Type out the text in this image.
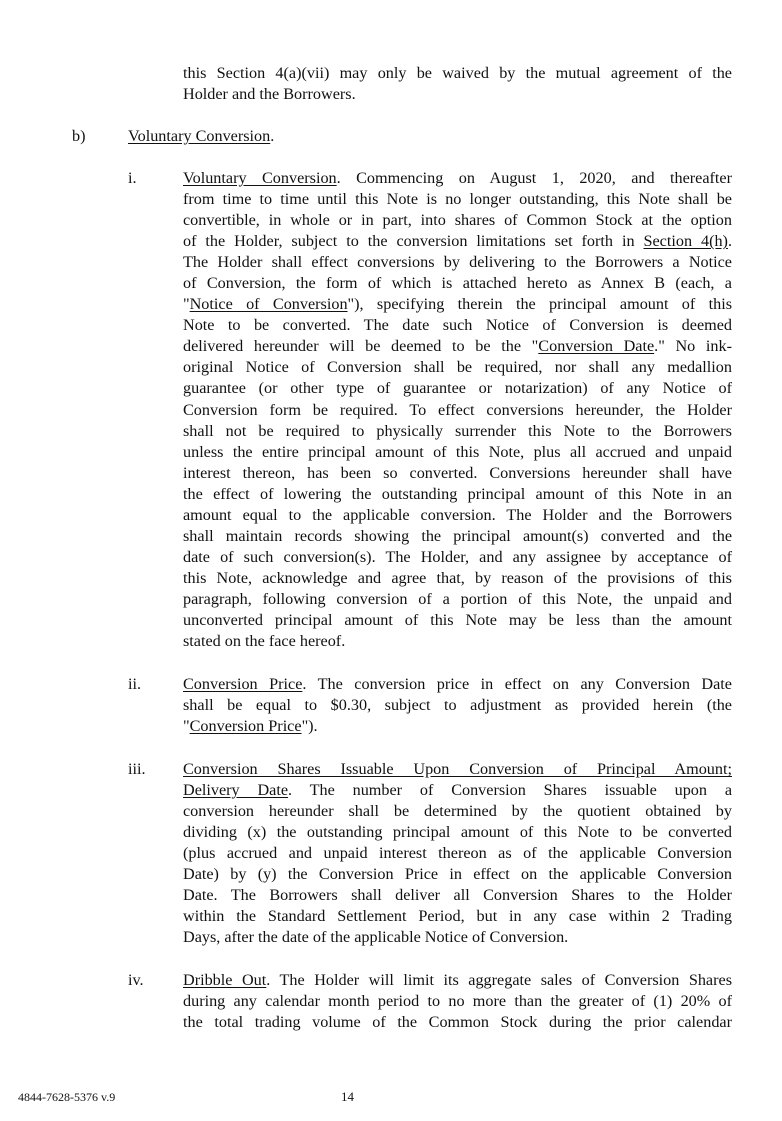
this Section 4(a)(vii) may only be waived by the mutual agreement of the
Holder and the Borrowers.
b)	Voluntary Conversion.
i.	Voluntary Conversion. Commencing on August 1, 2020, and thereafter
from time to time until this Note is no longer outstanding, this Note shall be
convertible, in whole or in part, into shares of Common Stock at the option
of the Holder, subject to the conversion limitations set forth in Section 4(h).
The Holder shall effect conversions by delivering to the Borrowers a Notice
of Conversion, the form of which is attached hereto as Annex B (each, a
"Notice of Conversion"), specifying therein the principal amount of this
Note to be converted. The date such Notice of Conversion is deemed
delivered hereunder will be deemed to be the "Conversion Date." No ink-
original Notice of Conversion shall be required, nor shall any medallion
guarantee (or other type of guarantee or notarization) of any Notice of
Conversion form be required. To effect conversions hereunder, the Holder
shall not be required to physically surrender this Note to the Borrowers
unless the entire principal amount of this Note, plus all accrued and unpaid
interest thereon, has been so converted. Conversions hereunder shall have
the effect of lowering the outstanding principal amount of this Note in an
amount equal to the applicable conversion. The Holder and the Borrowers
shall maintain records showing the principal amount(s) converted and the
date of such conversion(s). The Holder, and any assignee by acceptance of
this Note, acknowledge and agree that, by reason of the provisions of this
paragraph, following conversion of a portion of this Note, the unpaid and
unconverted principal amount of this Note may be less than the amount
stated on the face hereof.
ii.	Conversion Price. The conversion price in effect on any Conversion Date
shall be equal to $0.30, subject to adjustment as provided herein (the
"Conversion Price").
iii. Conversion Shares Issuable Upon Conversion of Principal Amount;
Delivery Date. The number of Conversion Shares issuable upon a
conversion hereunder shall be determined by the quotient obtained by
dividing (x) the outstanding principal amount of this Note to be converted
(plus accrued and unpaid interest thereon as of the applicable Conversion
Date) by (y) the Conversion Price in effect on the applicable Conversion
Date. The Borrowers shall deliver all Conversion Shares to the Holder
within the Standard Settlement Period, but in any case within 2 Trading
Days, after the date of the applicable Notice of Conversion.
iv. Dribble Out. The Holder will limit its aggregate sales of Conversion Shares
during any calendar month period to no more than the greater of (1) 20% of
the total trading volume of the Common Stock during the prior calendar
4844-7628-5376 v.9	14
